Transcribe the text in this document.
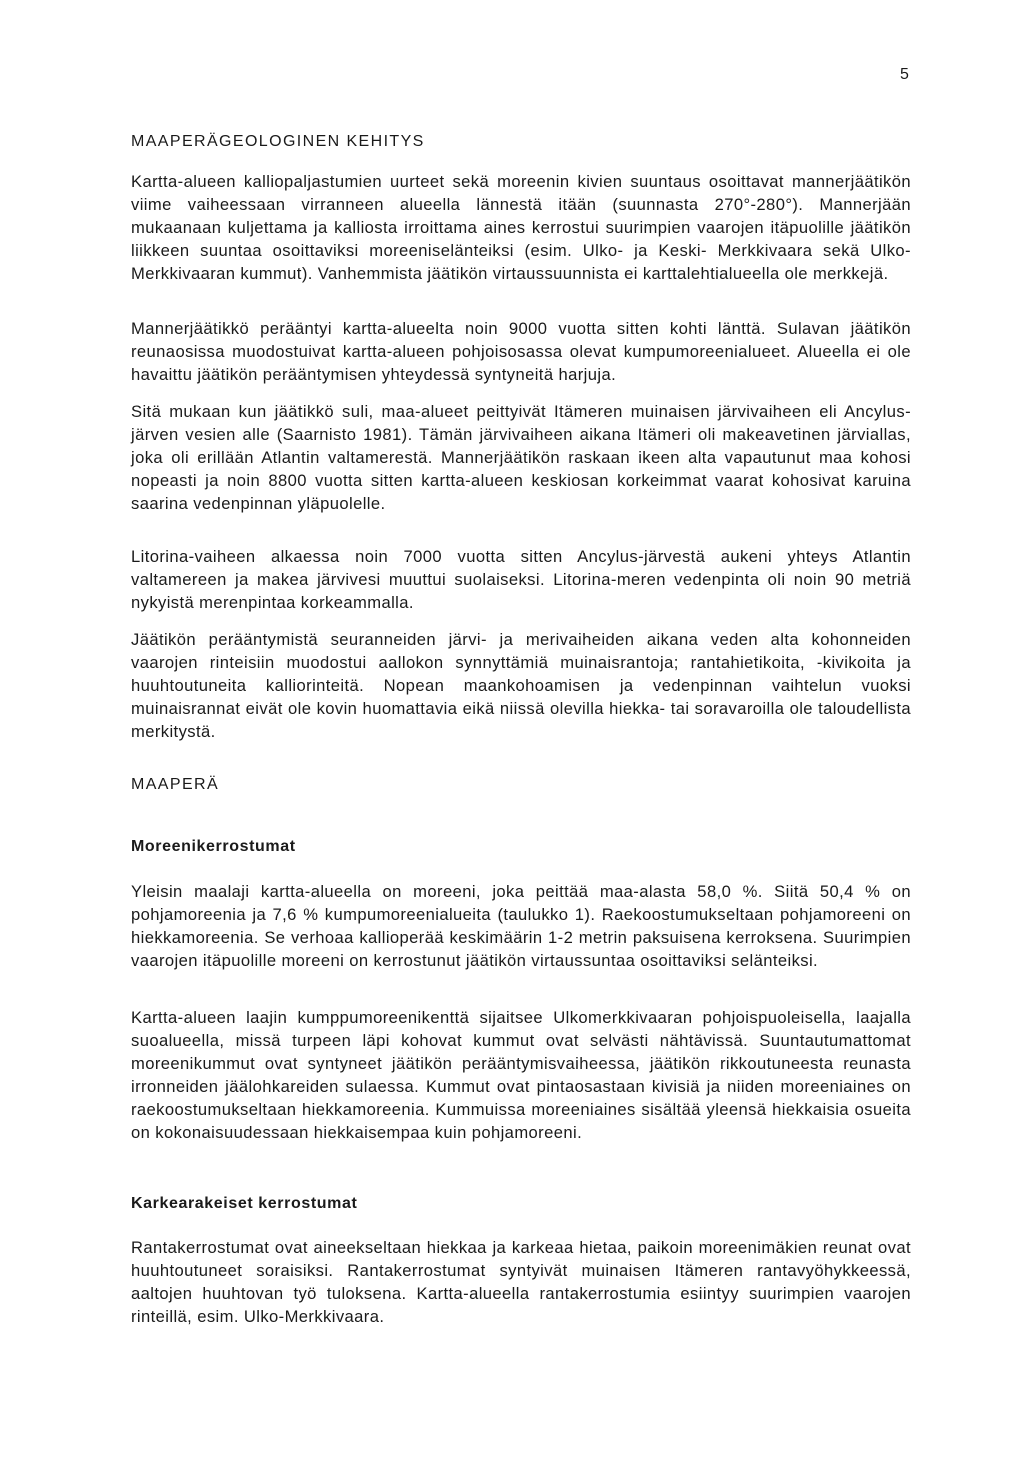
5
MAAPERÄGEOLOGINEN KEHITYS

Kartta-alueen kalliopaljastumien uurteet sekä moreenin kivien suuntaus osoittavat mannerjäätikön viime vaiheessaan virranneen alueella lännestä itään (suunnasta 270°-280°). Mannerjään mukaanaan kuljettama ja kalliosta irroittama aines kerrostui suurimpien vaarojen itäpuolille jäätikön liikkeen suuntaa osoittaviksi moreeniselänteiksi (esim. Ulko- ja Keski- Merkkivaara sekä Ulko-Merkkivaaran kummut). Vanhemmista jäätikön virtaussuunnista ei karttalehtialueella ole merkkejä.

Mannerjäätikkö perääntyi kartta-alueelta noin 9000 vuotta sitten kohti länttä. Sulavan jäätikön reunaosissa muodostuivat kartta-alueen pohjoisosassa olevat kumpumoreenialueet. Alueella ei ole havaittu jäätikön perääntymisen yhteydessä syntyneitä harjuja.

Sitä mukaan kun jäätikkö suli, maa-alueet peittyivät Itämeren muinaisen järvivaiheen eli Ancylus-järven vesien alle (Saarnisto 1981). Tämän järvivaiheen aikana Itämeri oli makeavetinen järviallas, joka oli erillään Atlantin valtamerestä. Mannerjäätikön raskaan ikeen alta vapautunut maa kohosi nopeasti ja noin 8800 vuotta sitten kartta-alueen keskiosan korkeimmat vaarat kohosivat karuina saarina vedenpinnan yläpuolelle.

Litorina-vaiheen alkaessa noin 7000 vuotta sitten Ancylus-järvestä aukeni yhteys Atlantin valtamereen ja makea järvivesi muuttui suolaiseksi. Litorina-meren vedenpinta oli noin 90 metriä nykyistä merenpintaa korkeammalla.

Jäätikön perääntymistä seuranneiden järvi- ja merivaiheiden aikana veden alta kohonneiden vaarojen rinteisiin muodostui aallokon synnyttämiä muinaisrantoja; rantahietikoita, -kivikoita ja huuhtoutuneita kalliorinteitä. Nopean maankohoamisen ja vedenpinnan vaihtelun vuoksi muinaisrannat eivät ole kovin huomattavia eikä niissä olevilla hiekka- tai soravaroilla ole taloudellista merkitystä.

MAAPERÄ
Moreenikerrostumat

Yleisin maalaji kartta-alueella on moreeni, joka peittää maa-alasta 58,0 %. Siitä 50,4 % on pohjamoreenia ja 7,6 % kumpumoreenialueita (taulukko 1). Raekoostumukseltaan pohjamoreeni on hiekkamoreenia. Se verhoaa kallioperää keskimäärin 1-2 metrin paksuisena kerroksena. Suurimpien vaarojen itäpuolille moreeni on kerrostunut jäätikön virtaussuntaa osoittaviksi selänteiksi.

Kartta-alueen laajin kumppumoreenikenttä sijaitsee Ulkomerkkivaaran pohjoispuoleisella, laajalla suoalueella, missä turpeen läpi kohovat kummut ovat selvästi nähtävissä. Suuntautumattomat moreenikummut ovat syntyneet jäätikön perääntymisvaiheessa, jäätikön rikkoutuneesta reunasta irronneiden jäälohkareiden sulaessa. Kummut ovat pintaosastaan kivisiä ja niiden moreeniaines on raekoostumukseltaan hiekkamoreenia. Kummuissa moreeniaines sisältää yleensä hiekkaisia osueita on kokonaisuudessaan hiekkaisempaa kuin pohjamoreeni.

Karkearakeiset kerrostumat

Rantakerrostumat ovat aineekseltaan hiekkaa ja karkeaa hietaa, paikoin moreenimäkien reunat ovat huuhtoutuneet soraisiksi. Rantakerrostumat syntyivät muinaisen Itämeren rantavyöhykkeessä, aaltojen huuhtovan työ tuloksena. Kartta-alueella rantakerrostumia esiintyy suurimpien vaarojen rinteillä, esim. Ulko-Merkkivaara.
